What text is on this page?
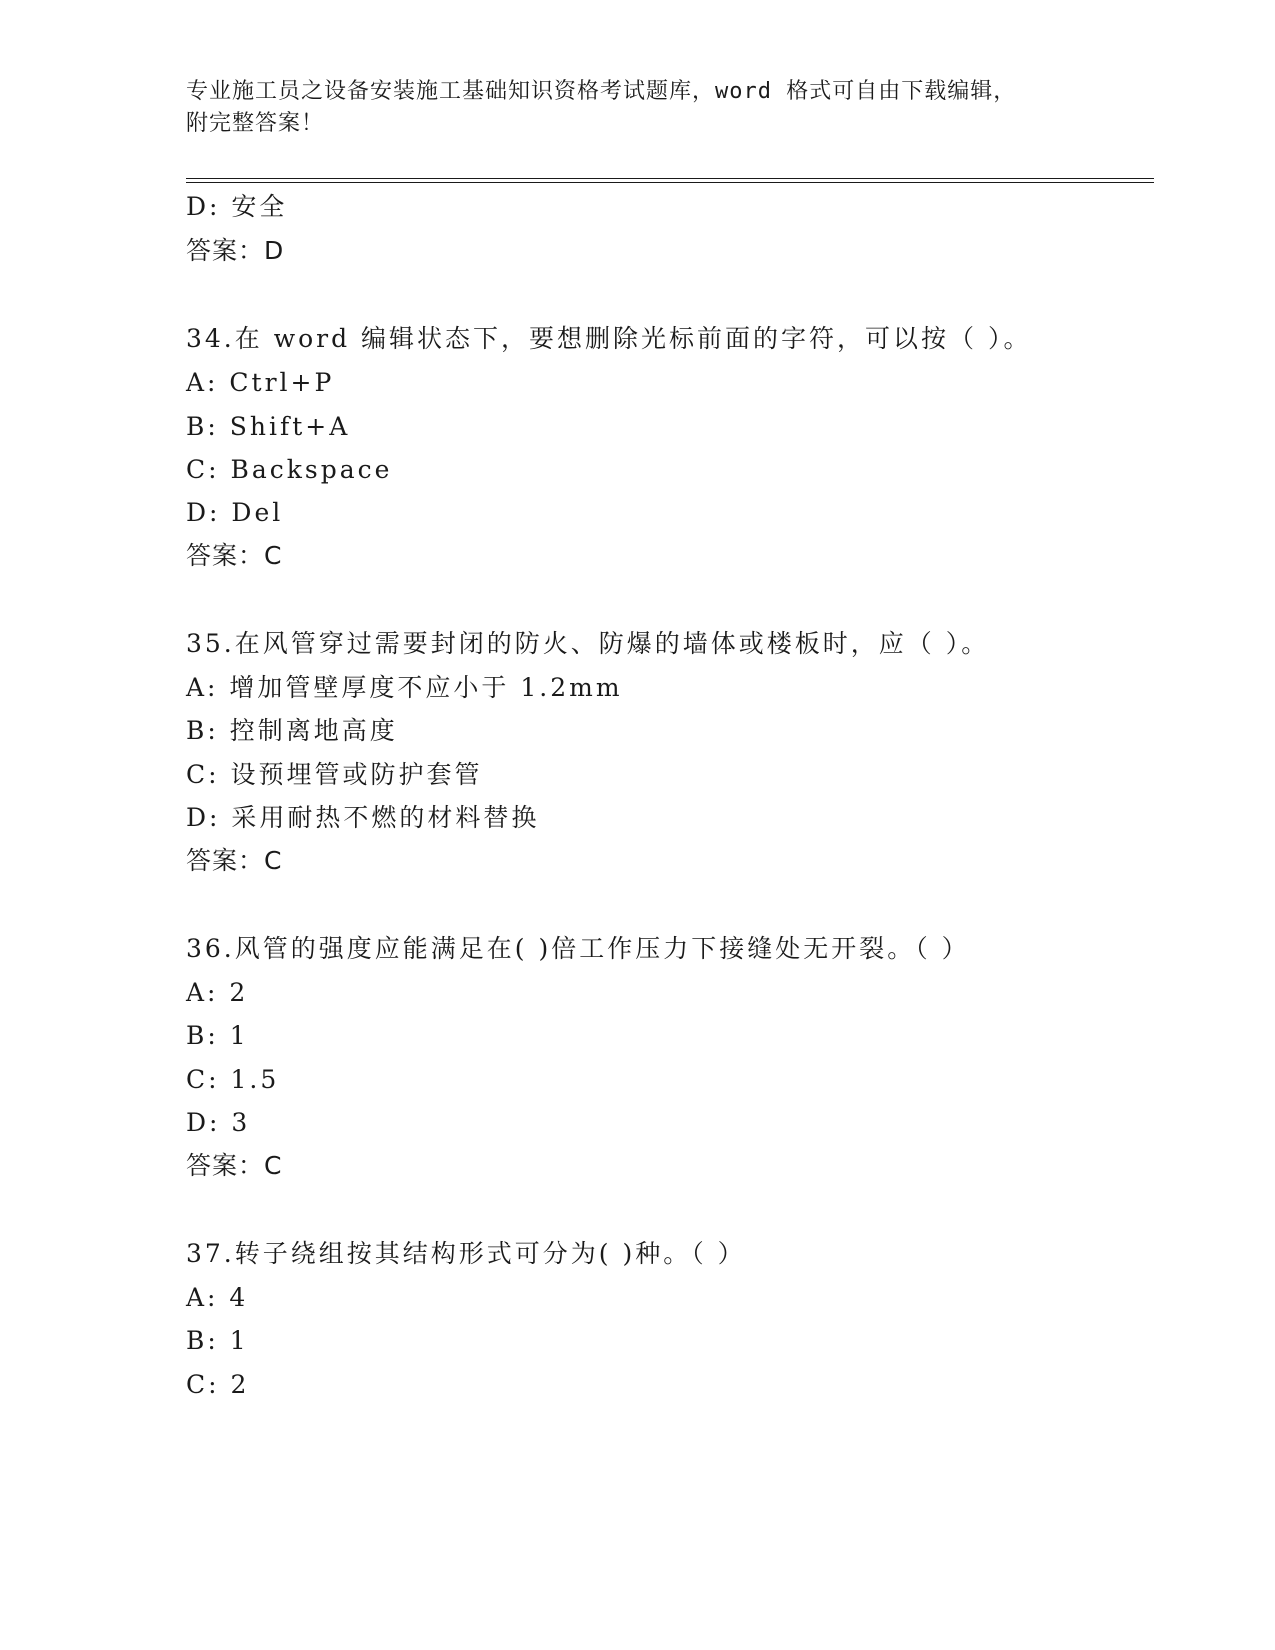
专业施工员之设备安装施工基础知识资格考试题库，word 格式可自由下载编辑，
附完整答案！
D: 安全
答案：D
34.在 word 编辑状态下，要想删除光标前面的字符，可以按（ ）。
A: Ctrl+P
B: Shift+A
C: Backspace
D: Del
答案：C
35.在风管穿过需要封闭的防火、防爆的墙体或楼板时，应（ ）。
A: 增加管壁厚度不应小于 1.2mm
B: 控制离地高度
C: 设预埋管或防护套管
D: 采用耐热不燃的材料替换
答案：C
36.风管的强度应能满足在( )倍工作压力下接缝处无开裂。（ ）
A: 2
B: 1
C: 1.5
D: 3
答案：C
37.转子绕组按其结构形式可分为( )种。（ ）
A: 4
B: 1
C: 2
